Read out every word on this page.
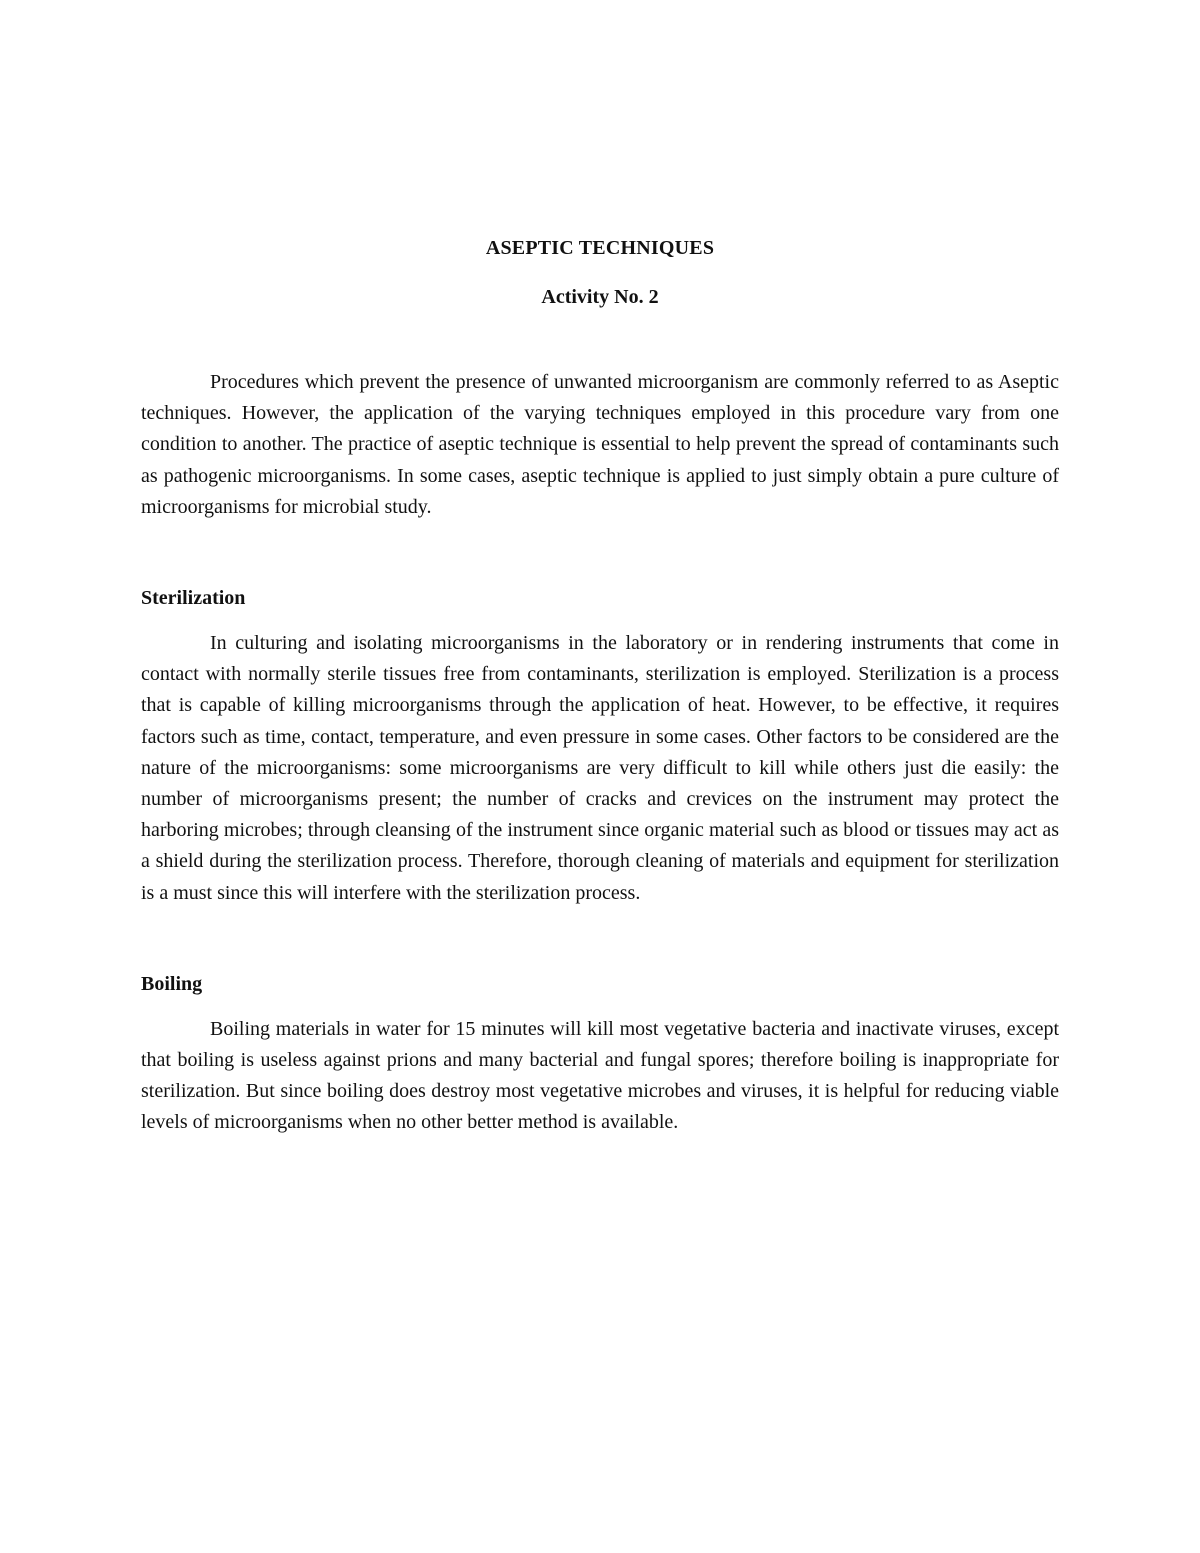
ASEPTIC TECHNIQUES
Activity No. 2

Procedures which prevent the presence of unwanted microorganism are commonly referred to as Aseptic techniques. However, the application of the varying techniques employed in this procedure vary from one condition to another. The practice of aseptic technique is essential to help prevent the spread of contaminants such as pathogenic microorganisms. In some cases, aseptic technique is applied to just simply obtain a pure culture of microorganisms for microbial study.

Sterilization

In culturing and isolating microorganisms in the laboratory or in rendering instruments that come in contact with normally sterile tissues free from contaminants, sterilization is employed. Sterilization is a process that is capable of killing microorganisms through the application of heat. However, to be effective, it requires factors such as time, contact, temperature, and even pressure in some cases. Other factors to be considered are the nature of the microorganisms: some microorganisms are very difficult to kill while others just die easily: the number of microorganisms present; the number of cracks and crevices on the instrument may protect the harboring microbes; through cleansing of the instrument since organic material such as blood or tissues may act as a shield during the sterilization process. Therefore, thorough cleaning of materials and equipment for sterilization is a must since this will interfere with the sterilization process.

Boiling

Boiling materials in water for 15 minutes will kill most vegetative bacteria and inactivate viruses, except that boiling is useless against prions and many bacterial and fungal spores; therefore boiling is inappropriate for sterilization. But since boiling does destroy most vegetative microbes and viruses, it is helpful for reducing viable levels of microorganisms when no other better method is available.
